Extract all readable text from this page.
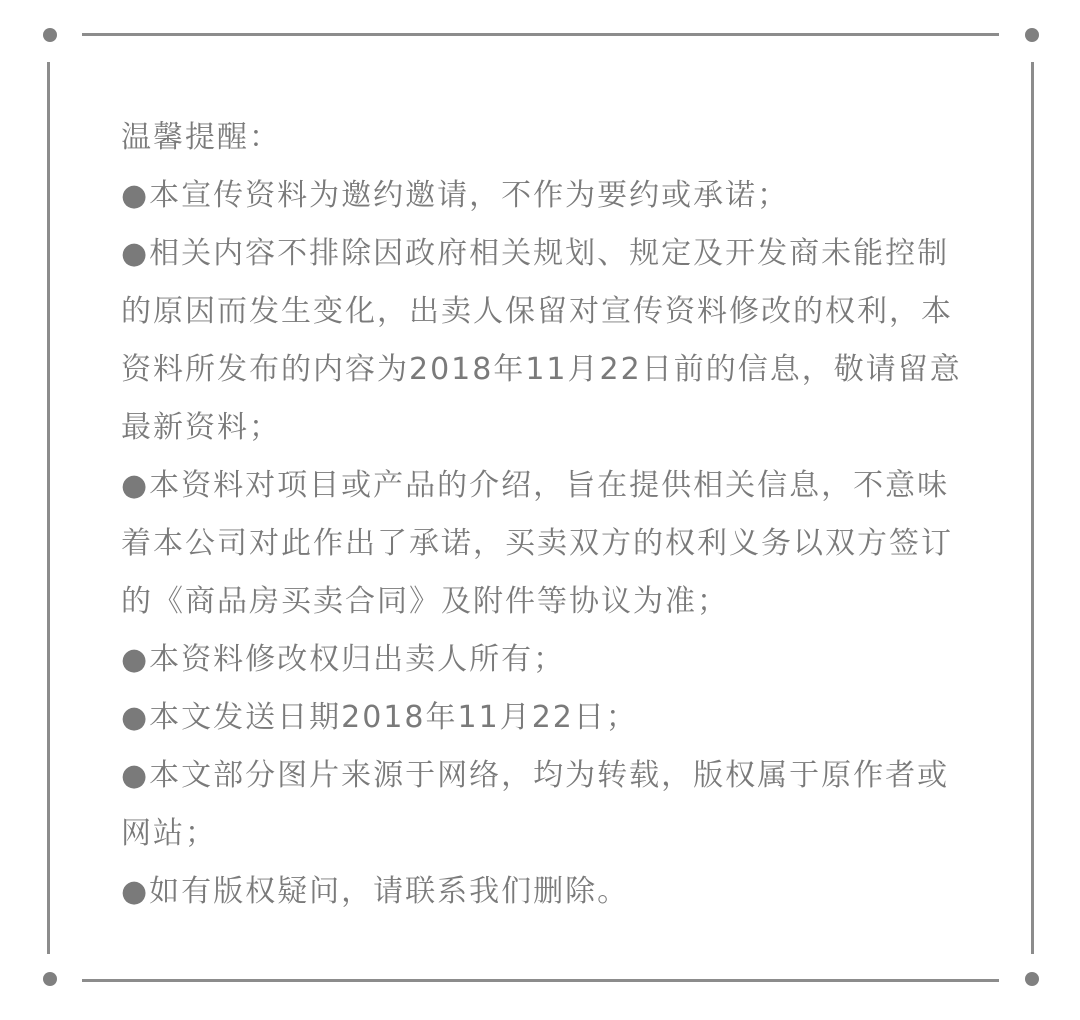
温馨提醒：

●本宣传资料为邀约邀请，不作为要约或承诺；

●相关内容不排除因政府相关规划、规定及开发商未能控制的原因而发生变化，出卖人保留对宣传资料修改的权利，本资料所发布的内容为2018年11月22日前的信息，敬请留意最新资料；

●本资料对项目或产品的介绍，旨在提供相关信息，不意味着本公司对此作出了承诺，买卖双方的权利义务以双方签订的《商品房买卖合同》及附件等协议为准；

●本资料修改权归出卖人所有；

●本文发送日期2018年11月22日；

●本文部分图片来源于网络，均为转载，版权属于原作者或网站；

●如有版权疑问，请联系我们删除。
